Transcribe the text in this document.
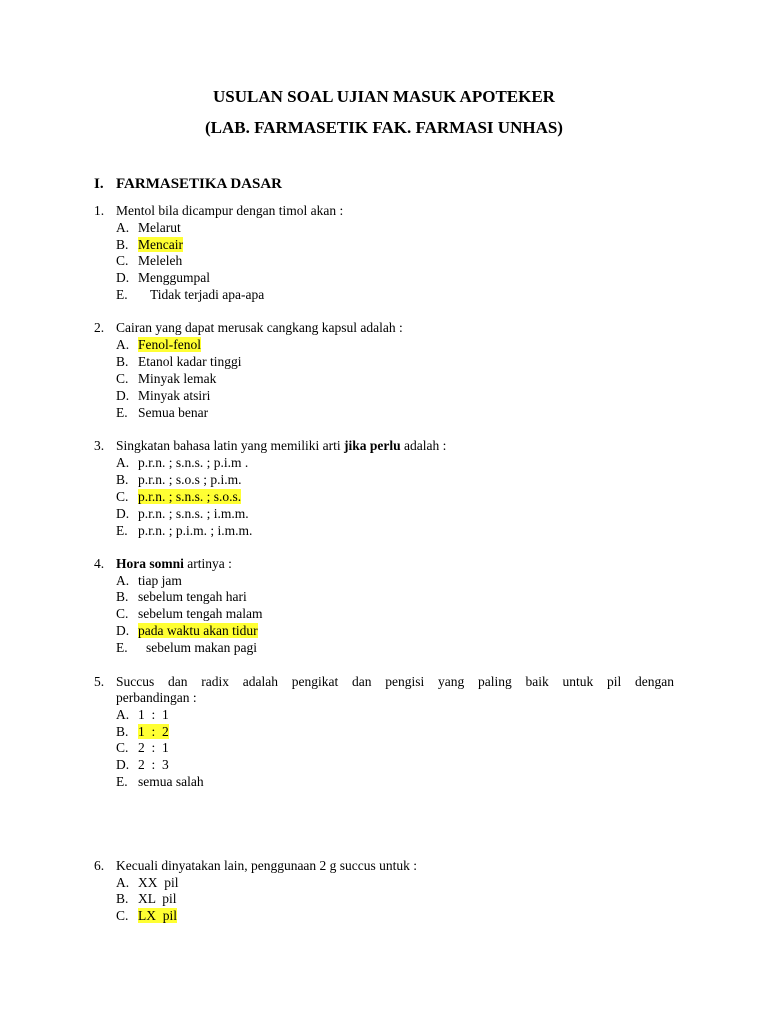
USULAN SOAL UJIAN MASUK APOTEKER
(LAB. FARMASETIK FAK. FARMASI UNHAS)
I. FARMASETIKA DASAR
1. Mentol bila dicampur dengan timol akan :
A. Melarut
B. Mencair
C. Meleleh
D. Menggumpal
E. Tidak terjadi apa-apa
2. Cairan yang dapat merusak cangkang kapsul adalah :
A. Fenol-fenol
B. Etanol kadar tinggi
C. Minyak lemak
D. Minyak atsiri
E. Semua benar
3. Singkatan bahasa latin yang memiliki arti jika perlu adalah :
A. p.r.n. ; s.n.s. ; p.i.m .
B. p.r.n. ; s.o.s ; p.i.m.
C. p.r.n. ; s.n.s. ; s.o.s.
D. p.r.n. ; s.n.s. ; i.m.m.
E. p.r.n. ; p.i.m. ; i.m.m.
4. Hora somni artinya :
A. tiap jam
B. sebelum tengah hari
C. sebelum tengah malam
D. pada waktu akan tidur
E. sebelum makan pagi
5. Succus dan radix adalah pengikat dan pengisi yang paling baik untuk pil dengan
perbandingan :
A. 1  :  1
B. 1  :  2
C. 2  :  1
D. 2  :  3
E. semua salah
6. Kecuali dinyatakan lain, penggunaan 2 g succus untuk :
A. XX  pil
B. XL  pil
C. LX  pil
